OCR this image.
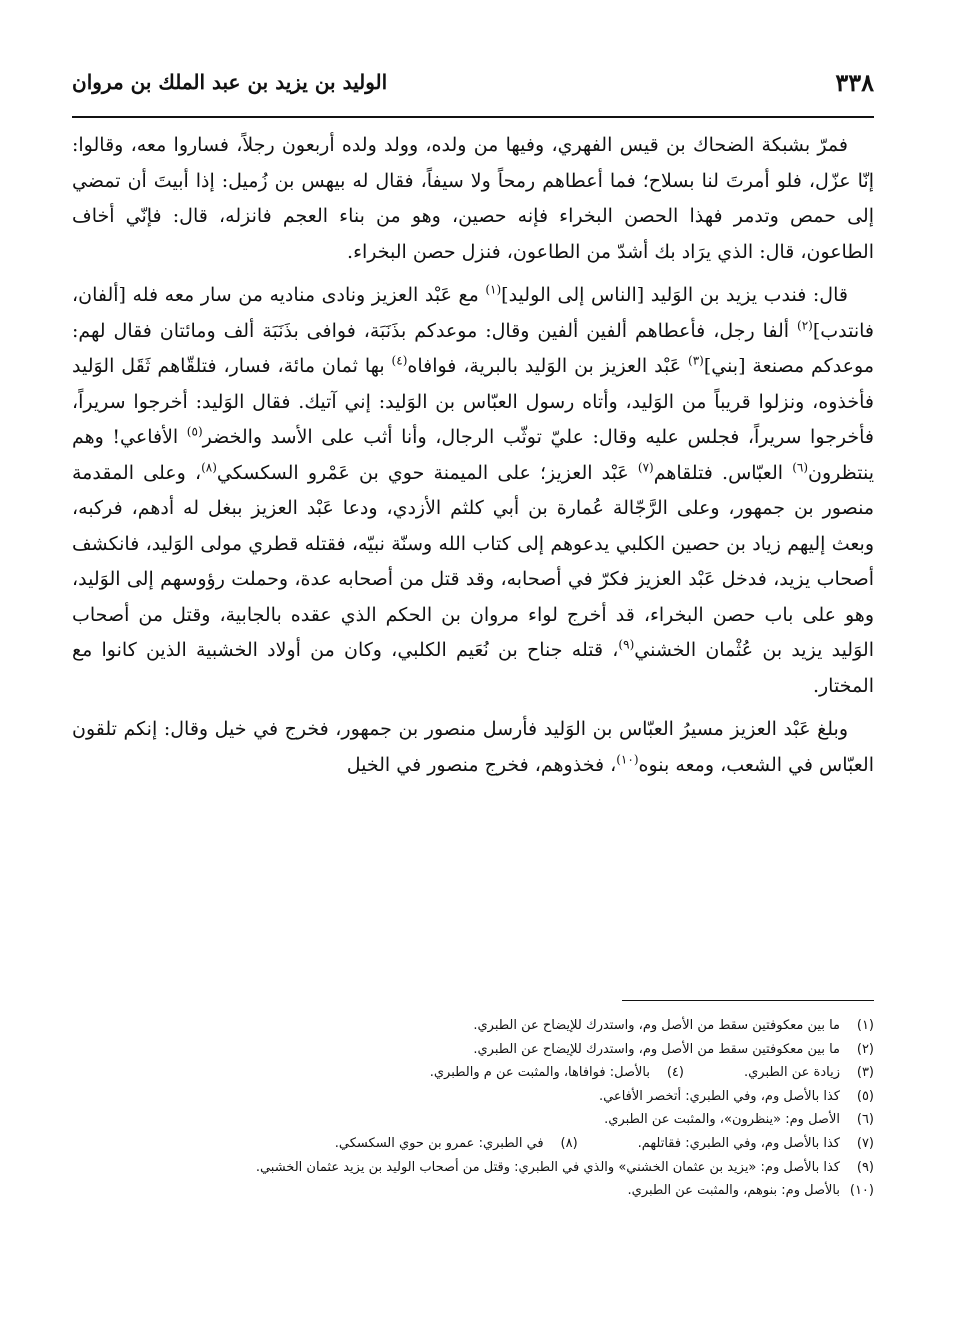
٣٣٨
الوليد بن يزيد بن عبد الملك بن مروان

فمرّ بشبكة الضحاك بن قيس الفهري، وفيها من ولده، وولد ولده أربعون رجلاً، فساروا معه، وقالوا: إنّا عزّل، فلو أمرتَ لنا بسلاح؛ فما أعطاهم رمحاً ولا سيفاً، فقال له بيهس بن زُميل: إذا أبيتَ أن تمضي إلى حمص وتدمر فهذا الحصن البخراء فإنه حصين، وهو من بناء العجم فانزله، قال: فإنّي أخاف الطاعون، قال: الذي يرَاد بك أشدّ من الطاعون، فنزل حصن البخراء.

قال: فندب يزيد بن الوَليد [الناس إلى الوليد]$^{(١)}$ مع عَبْد العزيز ونادى مناديه من سار معه فله [ألفان، فانتدب]$^{(٢)}$ ألفا رجل، فأعطاهم ألفين ألفين وقال: موعدكم بذَنَبَة، فوافى بذَنَبَة ألف ومائتان فقال لهم: موعدكم مصنعة [بني]$^{(٣)}$ عَبْد العزيز بن الوَليد بالبرية، فوافاه$^{(٤)}$ بها ثمان مائة، فسار، فتلقّاهم ثَقَل الوَليد فأخذوه، ونزلوا قريباً من الوَليد، وأتاه رسول العبّاس بن الوَليد: إني آتيك. فقال الوَليد: أخرجوا سريراً، فأخرجوا سريراً، فجلس عليه وقال: عليّ توثّب الرجال، وأنا أثب على الأسد والخضر$^{(٥)}$ الأفاعي! وهم ينتظرون$^{(٦)}$ العبّاس. فتلقاهم$^{(٧)}$ عَبْد العزيز؛ على الميمنة حوي بن عَمْرو السكسكي$^{(٨)}$، وعلى المقدمة منصور بن جمهور، وعلى الرَّجّالة عُمارة بن أبي كلثم الأزدي، ودعا عَبْد العزيز ببغل له أدهم، فركبه، وبعث إليهم زياد بن حصين الكلبي يدعوهم إلى كتاب الله وسنّة نبيّه، فقتله قطري مولى الوَليد، فانكشف أصحاب يزيد، فدخل عَبْد العزيز فكرّ في أصحابه، وقد قتل من أصحابه عدة، وحملت رؤوسهم إلى الوَليد، وهو على باب حصن البخراء، قد أخرج لواء مروان بن الحكم الذي عقده بالجابية، وقتل من أصحاب الوَليد يزيد بن عُثْمان الخشني$^{(٩)}$، قتله جناح بن نُعَيم الكلبي، وكان من أولاد الخشبية الذين كانوا مع المختار.

وبلغ عَبْد العزيز مسيرُ العبّاس بن الوَليد فأرسل منصور بن جمهور، فخرج في خيل وقال: إنكم تلقون العبّاس في الشعب، ومعه بنوه$^{(١٠)}$، فخذوهم، فخرج منصور في الخيل

(١)
ما بين معكوفتين سقط من الأصل وم، واستدرك للإيضاح عن الطبري.
(٢)
ما بين معكوفتين سقط من الأصل وم، واستدرك للإيضاح عن الطبري.
(٣)
زيادة عن الطبري.
(٤)
بالأصل: فوافاها، والمثبت عن م والطبري.
(٥)
كذا بالأصل وم، وفي الطبري: أتخصر الأفاعي.
(٦)
الأصل وم: «ينظرون»، والمثبت عن الطبري.
(٧)
كذا بالأصل وم، وفي الطبري: فقاتلهم.
(٨)
في الطبري: عمرو بن حوي السكسكي.
(٩)
كذا بالأصل وم: «يزيد بن عثمان الخشني» والذي في الطبري: وقتل من أصحاب الوليد بن يزيد عثمان الخشبي.
(١٠)
بالأصل وم: بنوهم، والمثبت عن الطبري.
